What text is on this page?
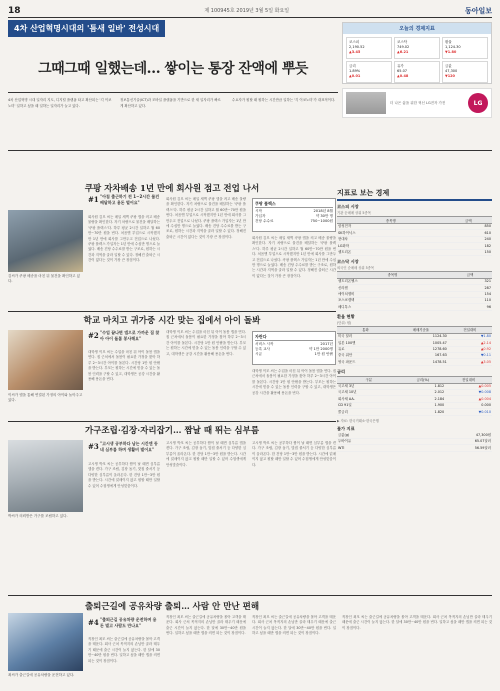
18	제 100945호 2019년 3월 5일 화요일	동아일보
4차 산업혁명시대의 '틈새 일바' 전성시대
그때그때 일했는데… 쌓이는 통장 잔액에 뿌듯
4차 산업혁명 시대 일자리 지도, 디지털 플랫폼 타고 확산되는 '긱 이코노미' 일하고 싶을 때 일하는 일자리가 늘고 있다.
정보통신기술(ICT)과 모바일 플랫폼을 기반으로 한 새 일자리가 빠르게 확산하고 있다.
수요자가 원할 때 원하는 시간만큼 일하는 '긱 이코노미'가 대표적이다.
오늘의 경제지표
코스피
2,190.52
▲3.45
코스닥
749.02
▲6.21
환율
1,124.30
▼1.80
금리
1.89%
▲0.01
유가
65.07
▲0.48
금값
47,300
▼120
더 나은 삶을 위한 혁신 LG전자 가전	LG
쿠팡 자차배송 1년 만에 회사원 점고 전업 나서
#1 "아침 출근하기 전 1~2시간 물건 배달하고 용돈 벌어요"
김씨가 쿠팡 배송을 마친 뒤 물건을 확인하고 있다.
회사원 김모 씨는 매일 새벽 쿠팡 앱을 켜고 배송 물량을 확인한다. 자기 차량으로 물건을 배달하는 '쿠팡 플렉스'다. 하루 평균 2시간 일하고 월 60만~70만 원을 번다. 처음엔 부업으로 시작했지만 1년 만에 회사를 그만두고 전업으로 나섰다. 쿠팡 플렉스 가입자는 1년 만에 수십만 명으로 늘었다. 배송 건당 수수료를 받는 구조로, 원하는 시간과 지역을 골라 일할 수 있다. 정해진 출퇴근 시간이 없다는 것이 가장 큰 장점이다.
회사원 김모 씨는 매일 새벽 쿠팡 앱을 켜고 배송 물량을 확인한다. 자기 차량으로 물건을 배달하는 '쿠팡 플렉스'다. 하루 평균 2시간 일하고 월 60만~70만 원을 번다. 처음엔 부업으로 시작했지만 1년 만에 회사를 그만두고 전업으로 나섰다. 쿠팡 플렉스 가입자는 1년 만에 수십만 명으로 늘었다. 배송 건당 수수료를 받는 구조로, 원하는 시간과 지역을 골라 일할 수 있다. 정해진 출퇴근 시간이 없다는 것이 가장 큰 장점이다.
쿠팡 플렉스
시작	2018년 8월
가입자	약 30만 명
건당 수수료	750~1000원
회사원 김모 씨는 매일 새벽 쿠팡 앱을 켜고 배송 물량을 확인한다. 자기 차량으로 물건을 배달하는 '쿠팡 플렉스'다. 하루 평균 2시간 일하고 월 60만~70만 원을 번다. 처음엔 부업으로 시작했지만 1년 만에 회사를 그만두고 전업으로 나섰다. 쿠팡 플렉스 가입자는 1년 만에 수십만 명으로 늘었다. 배송 건당 수수료를 받는 구조로, 원하는 시간과 지역을 골라 일할 수 있다. 정해진 출퇴근 시간이 없다는 것이 가장 큰 장점이다.
학교 마치고 귀가중 시간 맞는 집에서 아이 돌봐
#2 "수업 끝나면 앱으로 가까운 집 찾아 아이 돌봄 봉사해요"
이씨가 앱을 통해 연결된 가정의 아이와 놀아주고 있다.
대학생 이모 씨는 수업을 마친 뒤 아이 돌봄 앱을 연다. 집 근처에서 돌봄이 필요한 가정을 찾아 하루 2~3시간 아이를 돌본다. 시간당 1만 원 안팎을 받는다. 부모는 원하는 시간에 믿을 수 있는 돌봄 인력을 구할 수 있고, 대학생은 공강 시간을 활용해 용돈을 번다.
대학생 이모 씨는 수업을 마친 뒤 아이 돌봄 앱을 연다. 집 근처에서 돌봄이 필요한 가정을 찾아 하루 2~3시간 아이를 돌본다. 시간당 1만 원 안팎을 받는다. 부모는 원하는 시간에 믿을 수 있는 돌봄 인력을 구할 수 있고, 대학생은 공강 시간을 활용해 용돈을 번다.
자란다
서비스 시작	2017년
등록 교사	약 1만 2000명
시급	1만 원 안팎
대학생 이모 씨는 수업을 마친 뒤 아이 돌봄 앱을 연다. 집 근처에서 돌봄이 필요한 가정을 찾아 하루 2~3시간 아이를 돌본다. 시간당 1만 원 안팎을 받는다. 부모는 원하는 시간에 믿을 수 있는 돌봄 인력을 구할 수 있고, 대학생은 공강 시간을 활용해 용돈을 번다.
가구조립·김장·자리잡기… 짬날 때 뛰는 심부름
#3 "고시생 공부하다 남는 시간엔 동네 심부름 하며 생활비 벌어요"
박씨가 의뢰받은 가구를 조립하고 있다.
고시생 박모 씨는 공부하다 짬이 날 때면 심부름 앱을 켠다. 가구 조립, 김장 돕기, 맛집 줄서기 등 다양한 심부름이 올라온다. 한 건당 1만~3만 원을 받는다. 시간에 얽매이지 않고 원할 때만 일할 수 있어 수험생에게 안성맞춤이다.
고시생 박모 씨는 공부하다 짬이 날 때면 심부름 앱을 켠다. 가구 조립, 김장 돕기, 맛집 줄서기 등 다양한 심부름이 올라온다. 한 건당 1만~3만 원을 받는다. 시간에 얽매이지 않고 원할 때만 일할 수 있어 수험생에게 안성맞춤이다.
고시생 박모 씨는 공부하다 짬이 날 때면 심부름 앱을 켠다. 가구 조립, 김장 돕기, 맛집 줄서기 등 다양한 심부름이 올라온다. 한 건당 1만~3만 원을 받는다. 시간에 얽매이지 않고 원할 때만 일할 수 있어 수험생에게 안성맞춤이다.
출퇴근길에 공유차량 출퇴… 사람 안 만난 편해
#4 "출퇴근길 공유차량 운전하며 용돈 벌고 사람도 만나요"
최씨가 출근길에 공유차량을 운전하고 있다.
직장인 최모 씨는 출근길에 공유차량을 몰아 고객을 태운다. 회사 근처 목적지의 손님만 골라 태우기 때문에 출근 시간이 늘지 않는다. 한 달에 30만~40만 원을 번다. 일하고 싶을 때만 앱을 켜면 되는 것이 장점이다.
직장인 최모 씨는 출근길에 공유차량을 몰아 고객을 태운다. 회사 근처 목적지의 손님만 골라 태우기 때문에 출근 시간이 늘지 않는다. 한 달에 30만~40만 원을 번다. 일하고 싶을 때만 앱을 켜면 되는 것이 장점이다.
직장인 최모 씨는 출근길에 공유차량을 몰아 고객을 태운다. 회사 근처 목적지의 손님만 골라 태우기 때문에 출근 시간이 늘지 않는다. 한 달에 30만~40만 원을 번다. 일하고 싶을 때만 앱을 켜면 되는 것이 장점이다.
직장인 최모 씨는 출근길에 공유차량을 몰아 고객을 태운다. 회사 근처 목적지의 손님만 골라 태우기 때문에 출근 시간이 늘지 않는다. 한 달에 30만~40만 원을 번다. 일하고 싶을 때만 앱을 켜면 되는 것이 장점이다.
지표로 보는 경제
코스피 시장
기관 순매매 상위 5종목
종목명	금액
삼성전자	850
SK하이닉스	610
현대차	240
LG화학	182
셀트리온	150
코스닥 시장
외국인 순매매 상위 5종목
종목명	금액
셀트리온헬스	321
신라젠	287
에이치엘비	154
포스코켐텍	110
메디톡스	96
환율 현황
(단위: 원)
통화	매매기준율	전일대비
미국 달러	1124.30	▼1.80
일본 100엔	1005.47	▲2.14
유로	1278.60	▲0.92
중국 위안	167.63	▼0.11
영국 파운드	1478.51	▲3.05
금리
구분	금리(%)	전일대비
국고채 3년	1.812	▲0.005
국고채 10년	2.012	▼0.008
회사채 AA-	2.184	▲0.004
CD 91일	1.900	0.000
콜금리	1.820	▼0.010
▶ 자료: 한국거래소·한국은행
물가 지표
금값(g)	47,300원
두바이유	65.07달러
WTI	56.59달러
